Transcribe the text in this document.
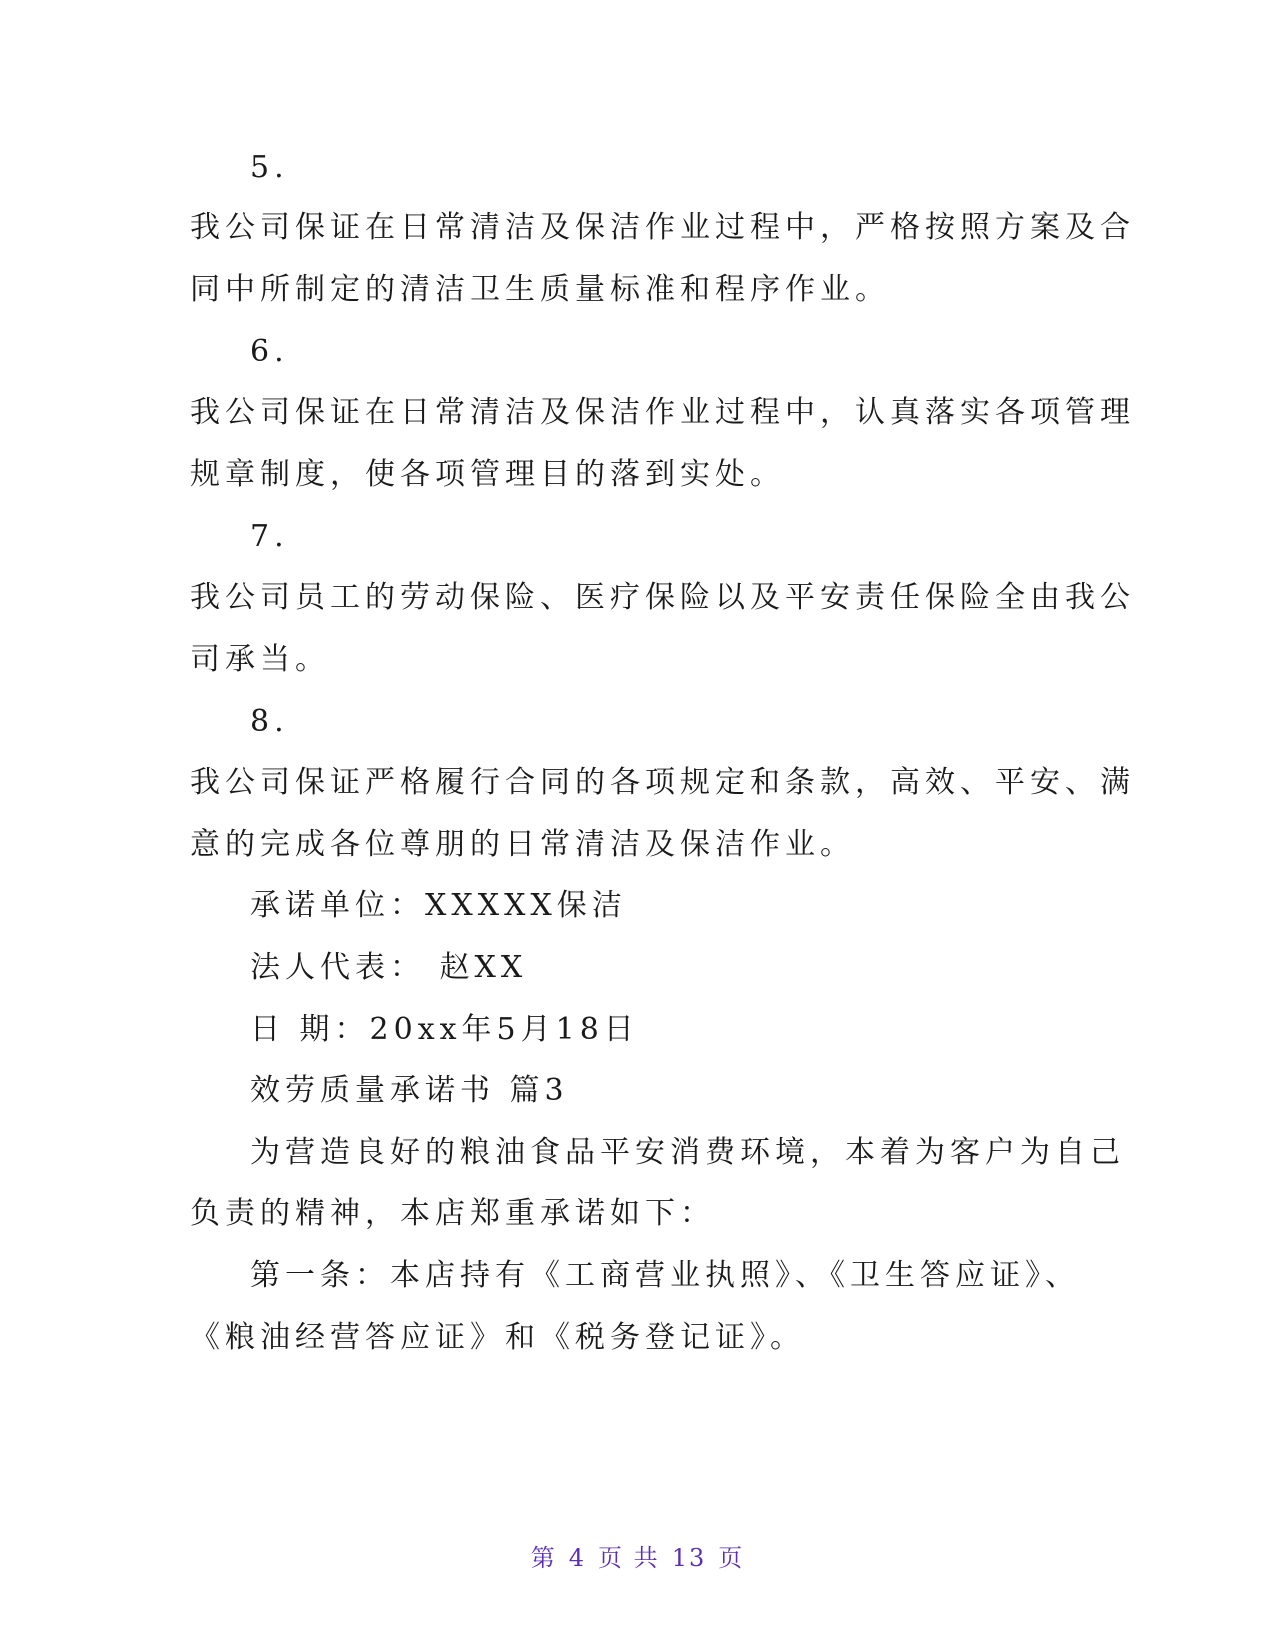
5.
我公司保证在日常清洁及保洁作业过程中，严格按照方案及合
同中所制定的清洁卫生质量标准和程序作业。
6.
我公司保证在日常清洁及保洁作业过程中，认真落实各项管理
规章制度，使各项管理目的落到实处。
7.
我公司员工的劳动保险、医疗保险以及平安责任保险全由我公
司承当。
8.
我公司保证严格履行合同的各项规定和条款，高效、平安、满
意的完成各位尊朋的日常清洁及保洁作业。
承诺单位：XXXXX保洁
法人代表： 赵XX
日 期：20xx年5月18日
效劳质量承诺书 篇3
为营造良好的粮油食品平安消费环境，本着为客户为自己
负责的精神，本店郑重承诺如下：
第一条：本店持有《工商营业执照》、《卫生答应证》、
《粮油经营答应证》和《税务登记证》。
第 4 页 共 13 页
